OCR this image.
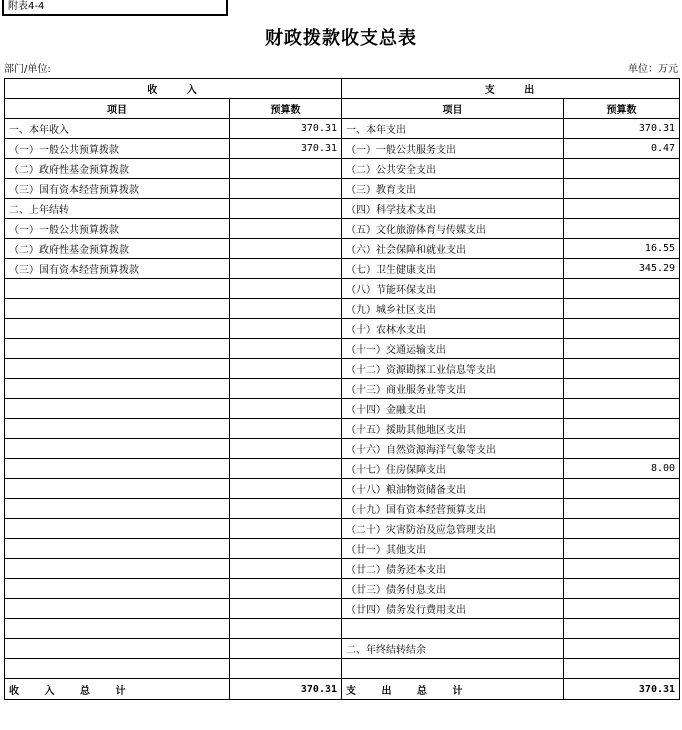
附表4-4
财政拨款收支总表
部门/单位:	单位：万元
收 入		支 出	
项目	预算数	项目	预算数
一、本年收入	370.31	一、本年支出	370.31
（一）一般公共预算拨款	370.31	（一）一般公共服务支出	0.47
（二）政府性基金预算拨款		（二）公共安全支出	
（三）国有资本经营预算拨款		（三）教育支出	
二、上年结转		（四）科学技术支出	
（一）一般公共预算拨款		（五）文化旅游体育与传媒支出	
（二）政府性基金预算拨款		（六）社会保障和就业支出	16.55
（三）国有资本经营预算拨款		（七）卫生健康支出	345.29
		（八）节能环保支出	
		（九）城乡社区支出	
		（十）农林水支出	
		（十一）交通运输支出	
		（十二）资源勘探工业信息等支出	
		（十三）商业服务业等支出	
		（十四）金融支出	
		（十五）援助其他地区支出	
		（十六）自然资源海洋气象等支出	
		（十七）住房保障支出	8.00
		（十八）粮油物资储备支出	
		（十九）国有资本经营预算支出	
		（二十）灾害防治及应急管理支出	
		（廿一）其他支出	
		（廿二）债务还本支出	
		（廿三）债务付息支出	
		（廿四）债务发行费用支出	

		二、年终结转结余	

收 入 总 计	370.31	支 出 总 计	370.31
